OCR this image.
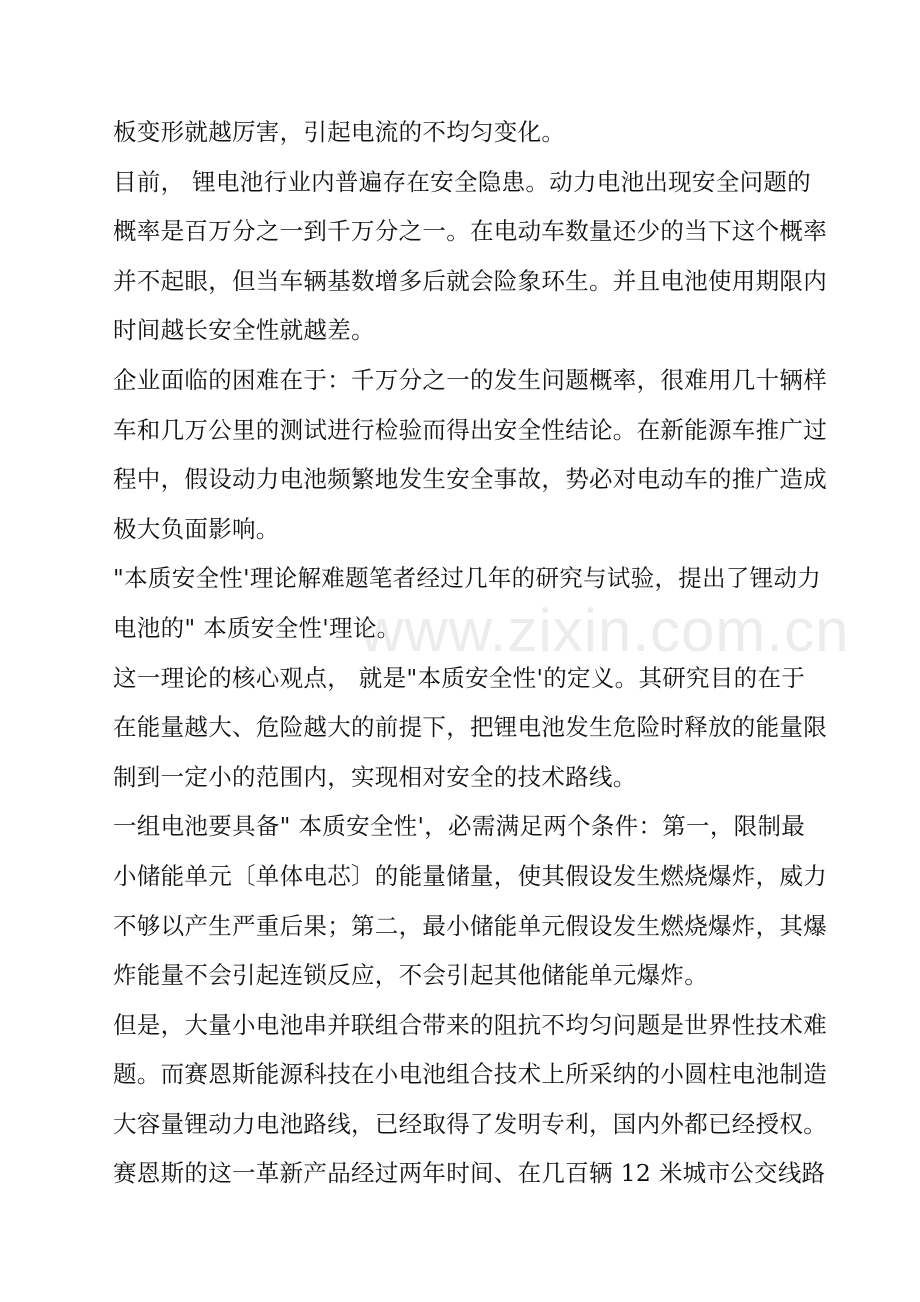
板变形就越厉害，引起电流的不均匀变化。
目前， 锂电池行业内普遍存在安全隐患。动力电池出现安全问题的
概率是百万分之一到千万分之一。在电动车数量还少的当下这个概率
并不起眼，但当车辆基数增多后就会险象环生。并且电池使用期限内
时间越长安全性就越差。
企业面临的困难在于：千万分之一的发生问题概率，很难用几十辆样
车和几万公里的测试进行检验而得出安全性结论。在新能源车推广过
程中，假设动力电池频繁地发生安全事故，势必对电动车的推广造成
极大负面影响。
"本质安全性'理论解难题笔者经过几年的研究与试验，提出了锂动力
电池的" 本质安全性'理论。
这一理论的核心观点， 就是"本质安全性'的定义。其研究目的在于
在能量越大、危险越大的前提下，把锂电池发生危险时释放的能量限
制到一定小的范围内，实现相对安全的技术路线。
一组电池要具备" 本质安全性'，必需满足两个条件：第一，限制最
小储能单元〔单体电芯〕的能量储量，使其假设发生燃烧爆炸，威力
不够以产生严重后果；第二，最小储能单元假设发生燃烧爆炸，其爆
炸能量不会引起连锁反应，不会引起其他储能单元爆炸。
但是，大量小电池串并联组合带来的阻抗不均匀问题是世界性技术难
题。而赛恩斯能源科技在小电池组合技术上所采纳的小圆柱电池制造
大容量锂动力电池路线，已经取得了发明专利，国内外都已经授权。
赛恩斯的这一革新产品经过两年时间、在几百辆 12 米城市公交线路
www.zixin.com.cn
